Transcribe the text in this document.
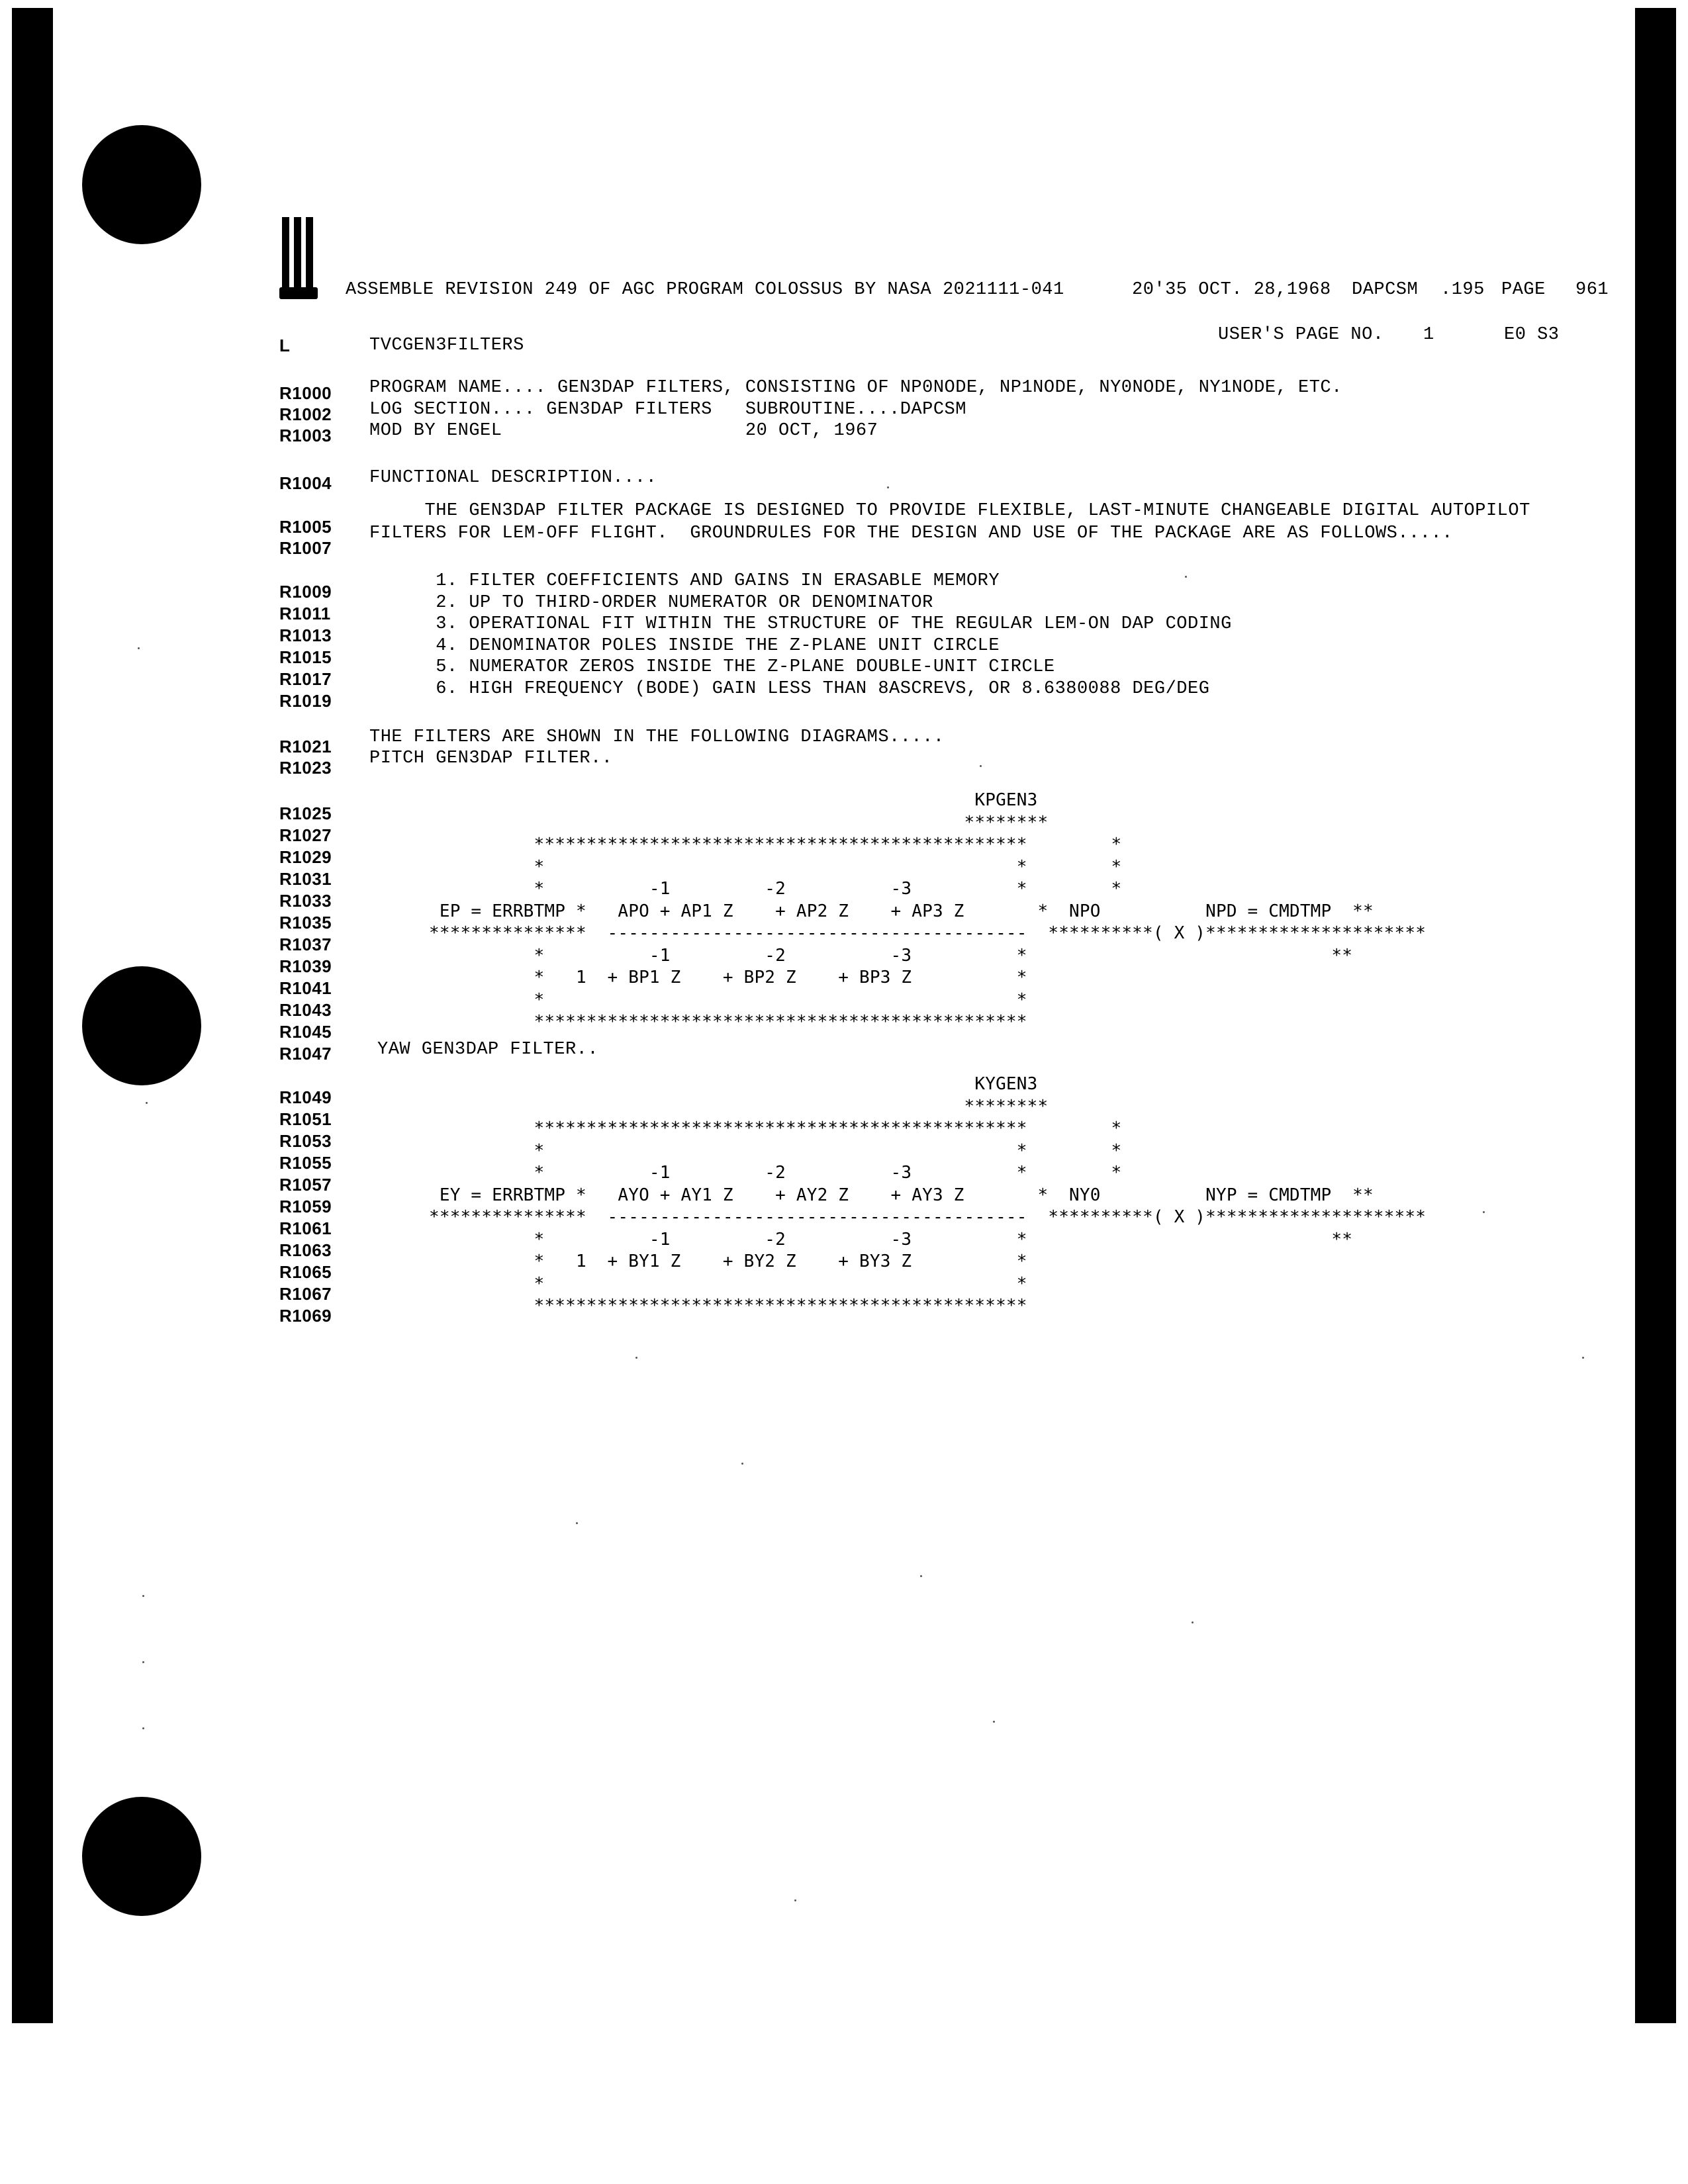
ASSEMBLE REVISION 249 OF AGC PROGRAM COLOSSUS BY NASA 2021111-041	20'35 OCT. 28,1968 DAPCSM .195 PAGE 961
L	TVCGEN3FILTERS
USER'S PAGE NO. 1	E0 S3
R1000 PROGRAM NAME.... GEN3DAP FILTERS, CONSISTING OF NP0NODE, NP1NODE, NY0NODE, NY1NODE, ETC.
R1002 LOG SECTION.... GEN3DAP FILTERS   SUBROUTINE....DAPCSM
R1003 MOD BY ENGEL                      20 OCT, 1967
R1004 FUNCTIONAL DESCRIPTION....
R1005
THE GEN3DAP FILTER PACKAGE IS DESIGNED TO PROVIDE FLEXIBLE, LAST-MINUTE CHANGEABLE DIGITAL AUTOPILOT
R1007
FILTERS FOR LEM-OFF FLIGHT.  GROUNDRULES FOR THE DESIGN AND USE OF THE PACKAGE ARE AS FOLLOWS.....
R1009
1. FILTER COEFFICIENTS AND GAINS IN ERASABLE MEMORY
R1011
2. UP TO THIRD-ORDER NUMERATOR OR DENOMINATOR
R1013
3. OPERATIONAL FIT WITHIN THE STRUCTURE OF THE REGULAR LEM-ON DAP CODING
R1015
4. DENOMINATOR POLES INSIDE THE Z-PLANE UNIT CIRCLE
R1017
5. NUMERATOR ZEROS INSIDE THE Z-PLANE DOUBLE-UNIT CIRCLE
R1019
6. HIGH FREQUENCY (BODE) GAIN LESS THAN 8ASCREVS, OR 8.6380088 DEG/DEG
R1021 THE FILTERS ARE SHOWN IN THE FOLLOWING DIAGRAMS.....
R1023 PITCH GEN3DAP FILTER..
R1025
R1027
R1029
R1031
R1033
R1035
R1037
R1039
R1041
R1043
R1045
KPGEN3
********
***********************************************        *
*                                             *        *
*          -1         -2          -3          *        *
EP = ERRBTMP *   APO + AP1 Z    + AP2 Z    + AP3 Z       *  NPO          NPD = CMDTMP  **
***************  ----------------------------------------  **********( X )*********************
*          -1         -2          -3          *                             **
*   1  + BP1 Z    + BP2 Z    + BP3 Z          *
*                                             *
***********************************************
R1047	YAW GEN3DAP FILTER..
R1049
R1051
R1053
R1055
R1057
R1059
R1061
R1063
R1065
R1067
R1069
KYGEN3
********
***********************************************        *
*                                             *        *
*          -1         -2          -3          *        *
EY = ERRBTMP *   AYO + AY1 Z    + AY2 Z    + AY3 Z       *  NY0          NYP = CMDTMP  **
***************  ----------------------------------------  **********( X )*********************
*          -1         -2          -3          *                             **
*   1  + BY1 Z    + BY2 Z    + BY3 Z          *
*                                             *
***********************************************
